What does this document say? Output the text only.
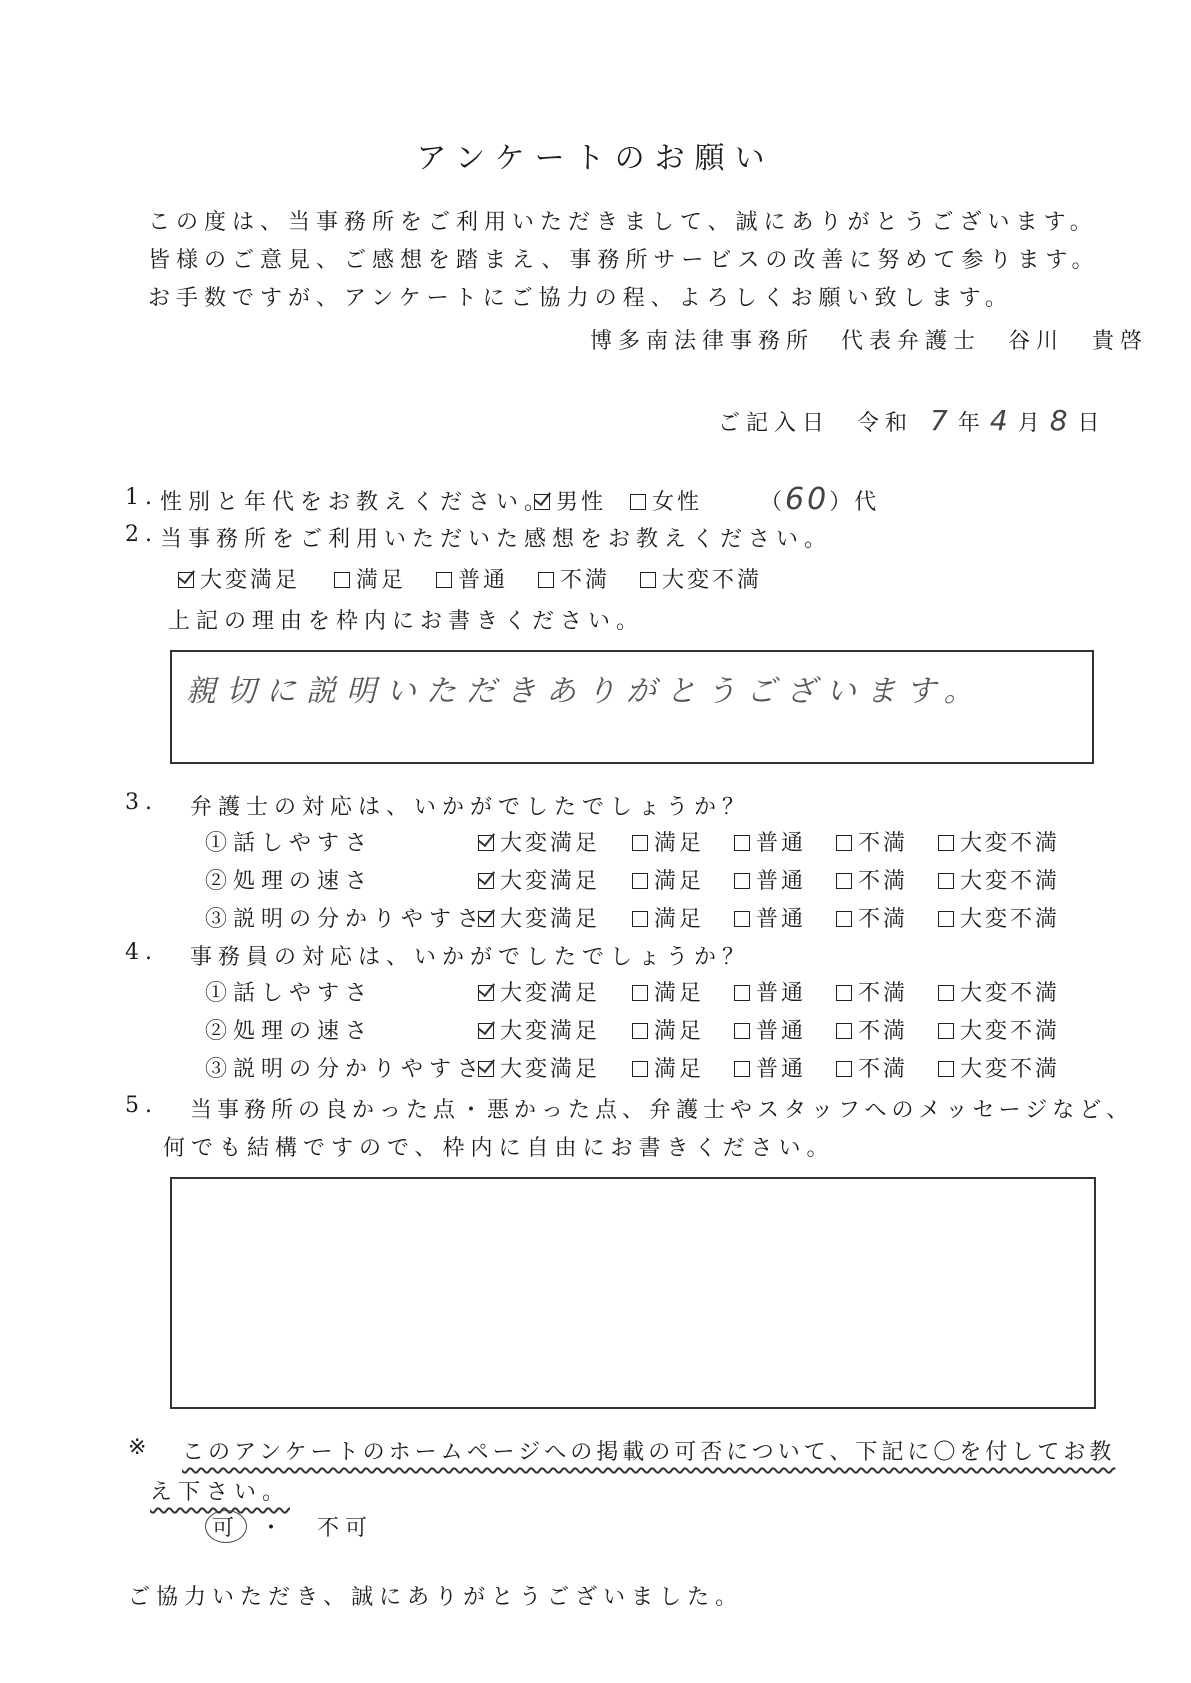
アンケートのお願い
この度は、当事務所をご利用いただきまして、誠にありがとうございます。
皆様のご意見、ご感想を踏まえ、事務所サービスの改善に努めて参ります。
お手数ですが、アンケートにご協力の程、よろしくお願い致します。
博多南法律事務所 代表弁護士 谷川　貴啓
ご記入日 令和 7 年 4 月 8 日
1. 性別と年代をお教えください。 男性	女性	（60）代
2. 当事務所をご利用いただいた感想をお教えください。
大変満足	満足	普通	不満	大変不満
上記の理由を枠内にお書きください。
親切に説明いただきありがとうございます。
3. 弁護士の対応は、いかがでしたでしょうか？
①話しやすさ	大変満足	満足	普通	不満	大変不満
②処理の速さ	大変満足	満足	普通	不満	大変不満
③説明の分かりやすさ 大変満足	満足	普通	不満	大変不満
4. 事務員の対応は、いかがでしたでしょうか？
①話しやすさ	大変満足	満足	普通	不満	大変不満
②処理の速さ	大変満足	満足	普通	不満	大変不満
③説明の分かりやすさ 大変満足	満足	普通	不満	大変不満
5. 当事務所の良かった点・悪かった点、弁護士やスタッフへのメッセージなど、
何でも結構ですので、枠内に自由にお書きください。
※ このアンケートのホームページへの掲載の可否について、下記に〇を付してお教
え下さい。
可 ・ 不可
ご協力いただき、誠にありがとうございました。
